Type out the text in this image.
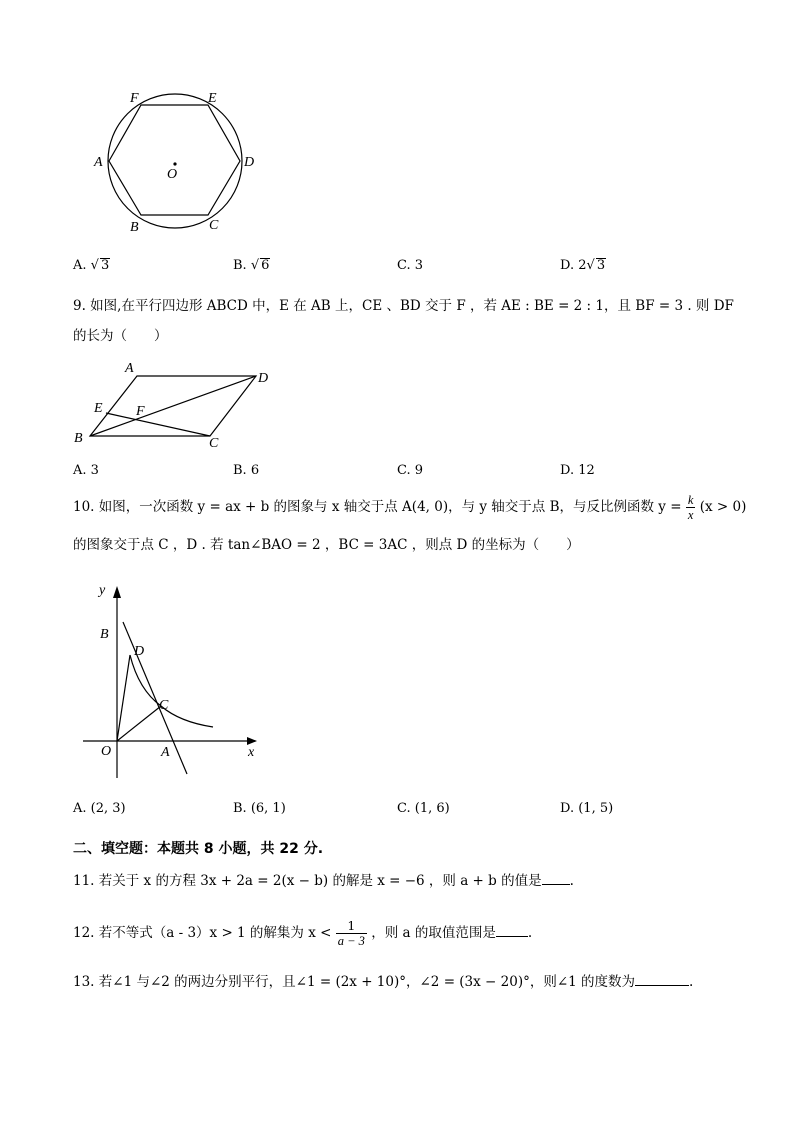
F	E
A	D
O
B	C
A. √ 3	B. √ 6	C. 3	D. 2√ 3
9. 如图,在平行四边形 ABCD 中，E 在 AB 上，CE 、BD 交于 F ，若 AE : BE = 2 : 1，且 BF = 3 . 则 DF
的长为（　　）
A
D
E F
B	C
A. 3	B. 6	C. 9	D. 12
10. 如图，一次函数 y = ax + b 的图象与 x 轴交于点 A(4, 0)，与 y 轴交于点 B，与反比例函数 $y = \frac{k}{x} (x > 0)$
的图象交于点 C ，D . 若 tan∠BAO = 2 ，BC = 3AC ，则点 D 的坐标为（　　）
y
x
B
D
C
O	A
A. (2, 3)	B. (6, 1)	C. (1, 6)	D. (1, 5)
二、填空题：本题共 8 小题，共 22 分.
11. 若关于 x 的方程 3x + 2a = 2(x − b) 的解是 x = −6 ，则 a + b 的值是 .
12. 若不等式（a - 3）x > 1 的解集为 $x < \frac{1}{a - 3}$ ，则 a 的取值范围是 .
13. 若∠1 与∠2 的两边分别平行，且∠1 = (2x + 10)°，∠2 = (3x − 20)°，则∠1 的度数为	.
